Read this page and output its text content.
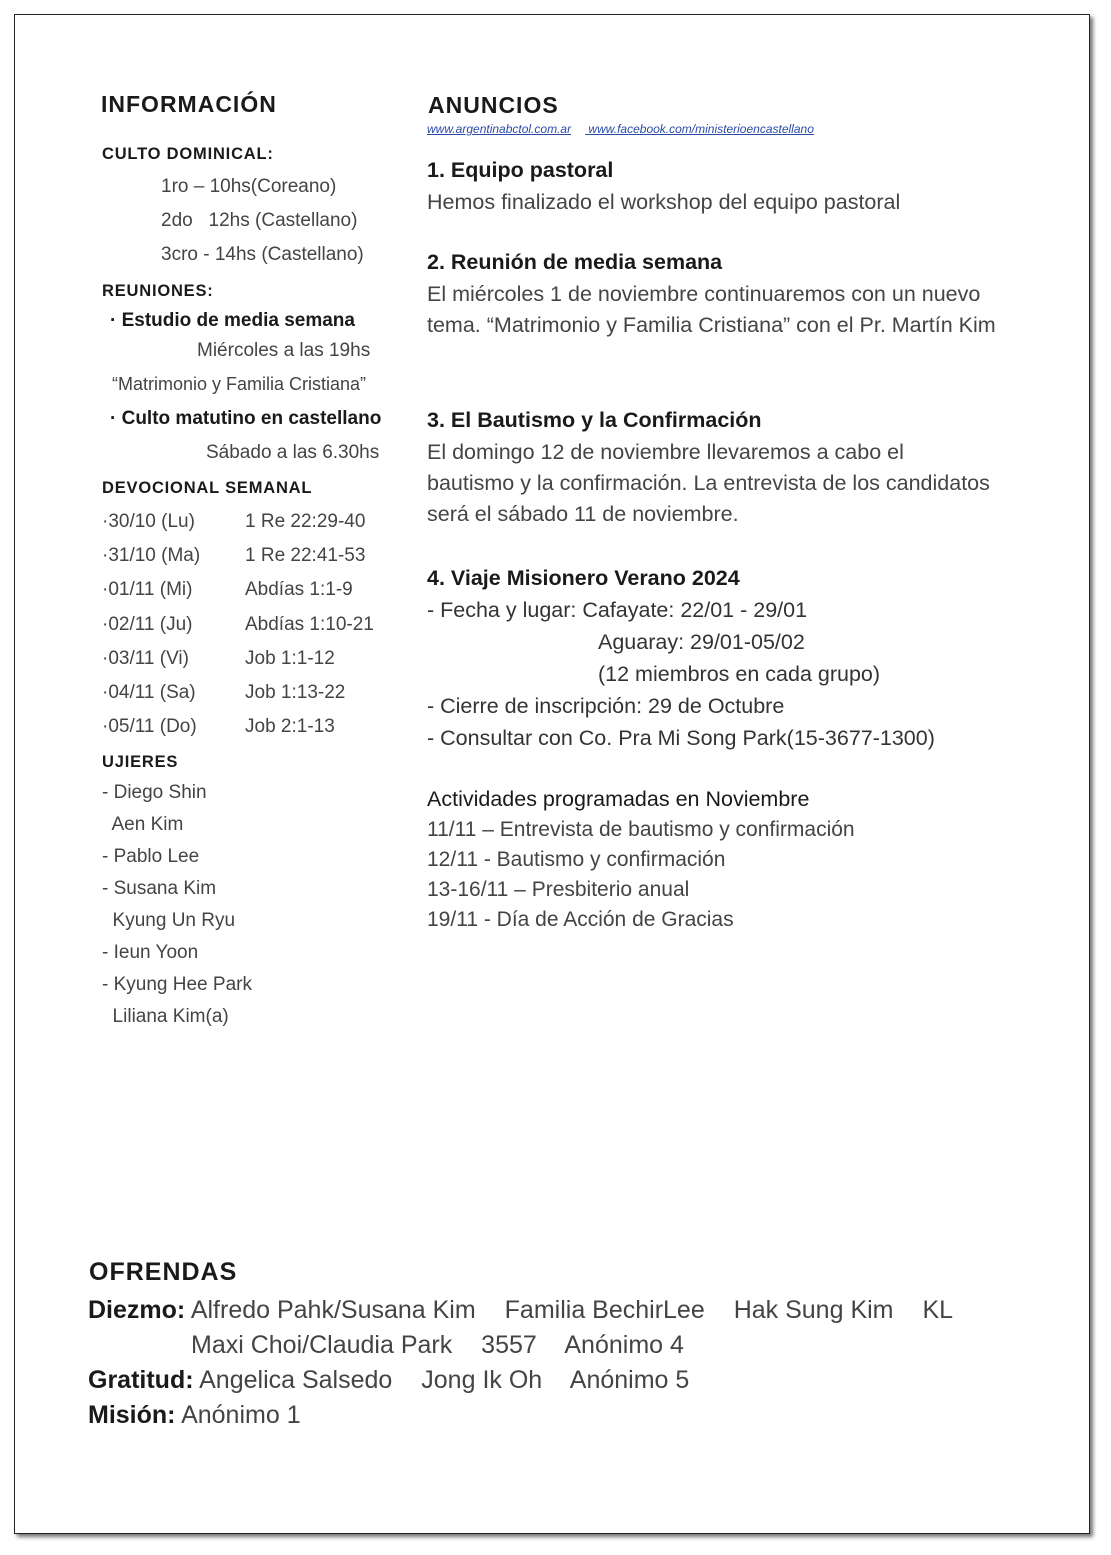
INFORMACIÓN
CULTO DOMINICAL:
1ro – 10hs(Coreano)
2do   12hs (Castellano)
3cro - 14hs (Castellano)
REUNIONES:
· Estudio de media semana
Miércoles a las 19hs
“Matrimonio y Familia Cristiana”
· Culto matutino en castellano
Sábado a las 6.30hs
DEVOCIONAL SEMANAL
·30/10 (Lu)	1 Re 22:29-40
·31/10 (Ma) 1 Re 22:41-53
·01/11 (Mi)	Abdías 1:1-9
·02/11 (Ju)	Abdías 1:10-21
·03/11 (Vi)	Job 1:1-12
·04/11 (Sa)	Job 1:13-22
·05/11 (Do)	Job 2:1-13
UJIERES
- Diego Shin
Aen Kim
- Pablo Lee
- Susana Kim
Kyung Un Ryu
- Ieun Yoon
- Kyung Hee Park
Liliana Kim(a)
ANUNCIOS
www.argentinabctol.com.ar www.facebook.com/ministerioencastellano
1. Equipo pastoral
Hemos finalizado el workshop del equipo pastoral
2. Reunión de media semana
El miércoles 1 de noviembre continuaremos con un nuevo tema. “Matrimonio y Familia Cristiana” con el Pr. Martín Kim
3. El Bautismo y la Confirmación
El domingo 12 de noviembre llevaremos a cabo el bautismo y la confirmación. La entrevista de los candidatos será el sábado 11 de noviembre.
4. Viaje Misionero Verano 2024
- Fecha y lugar: Cafayate: 22/01 - 29/01
Aguaray: 29/01-05/02
(12 miembros en cada grupo)
- Cierre de inscripción: 29 de Octubre
- Consultar con Co. Pra Mi Song Park(15-3677-1300)
Actividades programadas en Noviembre
11/11 – Entrevista de bautismo y confirmación
12/11 - Bautismo y confirmación
13-16/11 – Presbiterio anual
19/11 - Día de Acción de Gracias
OFRENDAS
Diezmo: Alfredo Pahk/Susana Kim Familia BechirLee Hak Sung Kim KL
Maxi Choi/Claudia Park 3557 Anónimo 4
Gratitud: Angelica Salsedo Jong Ik Oh Anónimo 5
Misión: Anónimo 1
